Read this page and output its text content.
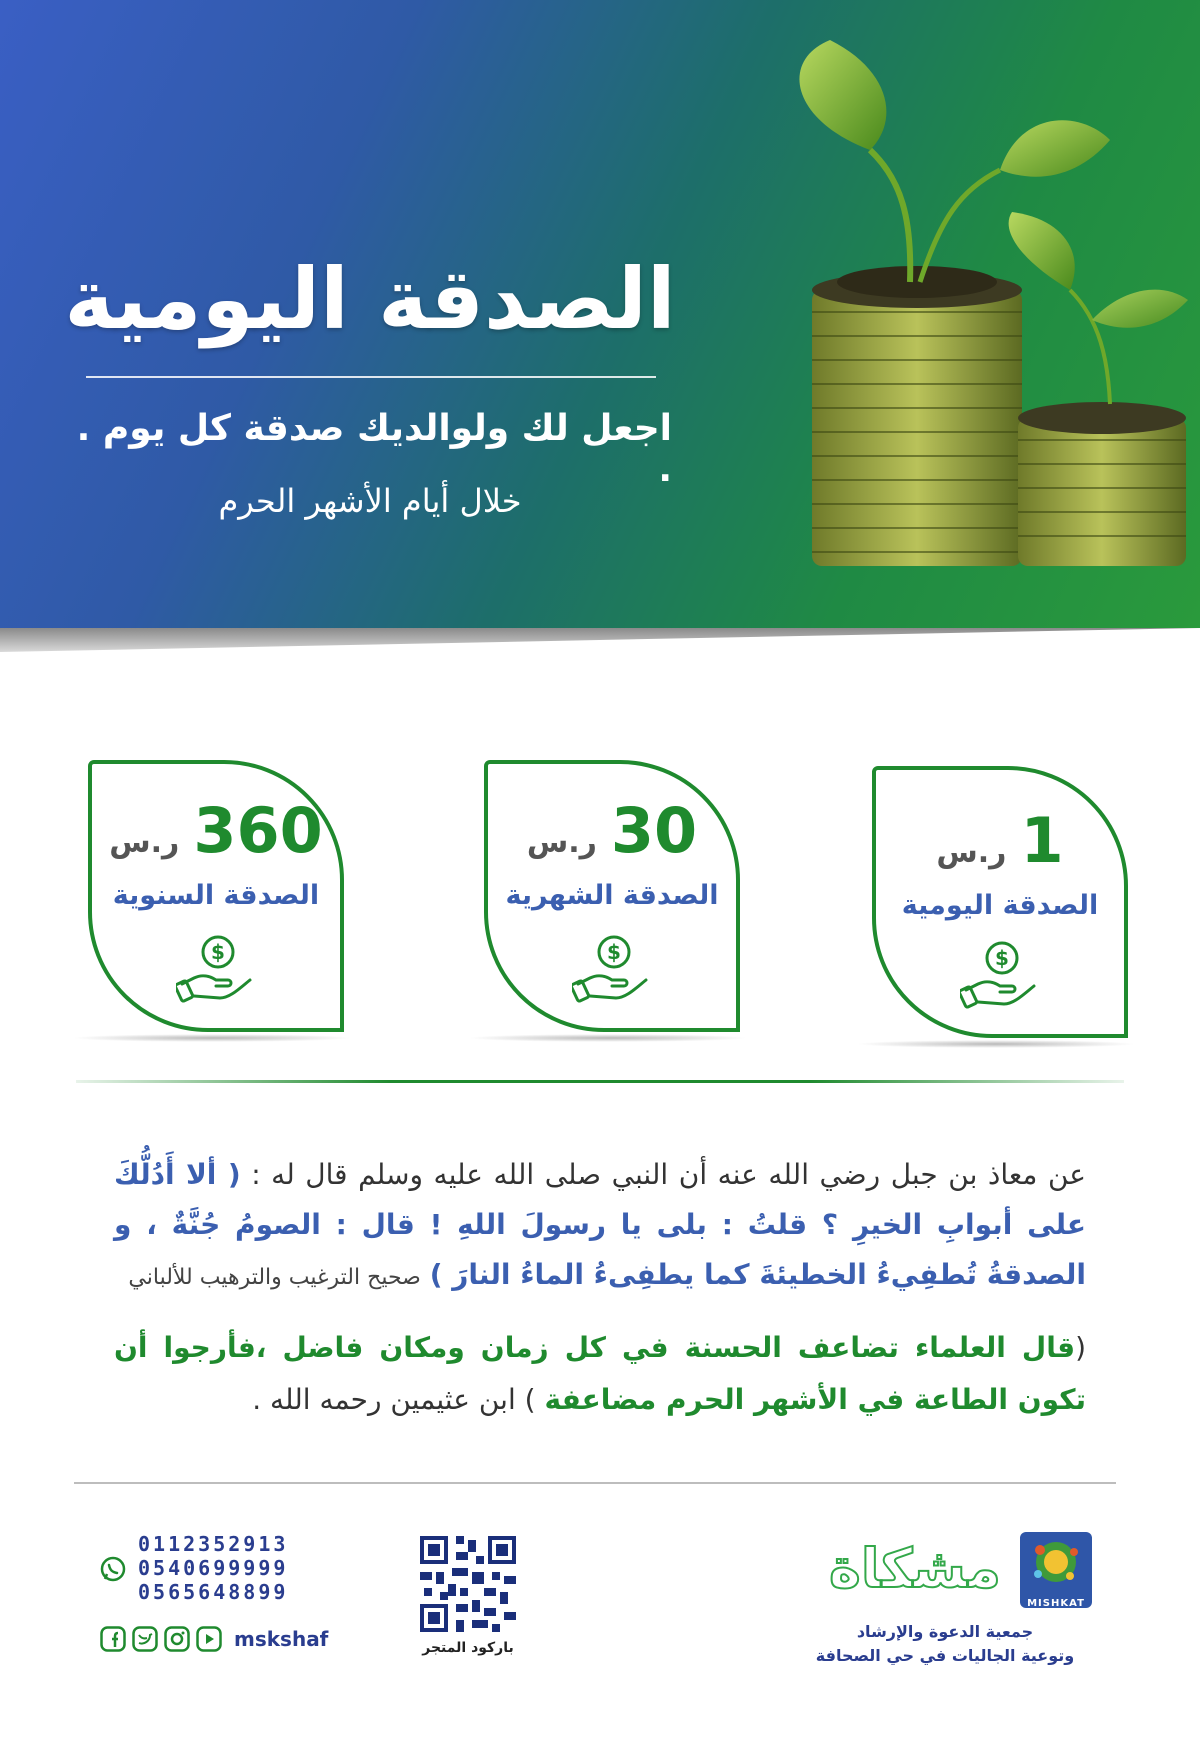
الصدقة اليومية
اجعل لك ولوالديك صدقة كل يوم . .
خلال أيام الأشهر الحرم
ر.س 1
الصدقة اليومية
$
ر.س 30
الصدقة الشهرية
$
ر.س 360
الصدقة السنوية
$
عن معاذ بن جبل رضي الله عنه أن النبي صلى الله عليه وسلم قال له : ( ألا أَدُلُّكَ على أبوابِ الخيرِ ؟ قلتُ : بلى يا رسولَ اللهِ ! قال : الصومُ جُنَّةٌ ، و الصدقةُ تُطفِيءُ الخطيئةَ كما يطفِىءُ الماءُ النارَ ) صحيح الترغيب والترهيب للألباني
(قال العلماء تضاعف الحسنة في كل زمان ومكان فاضل ،فأرجوا أن تكون الطاعة في الأشهر الحرم مضاعفة ) ابن عثيمين رحمه الله .
0112352913
0540699999
0565648899
mskshaf	باركود المتجر
مشكاة
MISHKAT
جمعية الدعوة والإرشاد
وتوعية الجاليات في حي الصحافة
